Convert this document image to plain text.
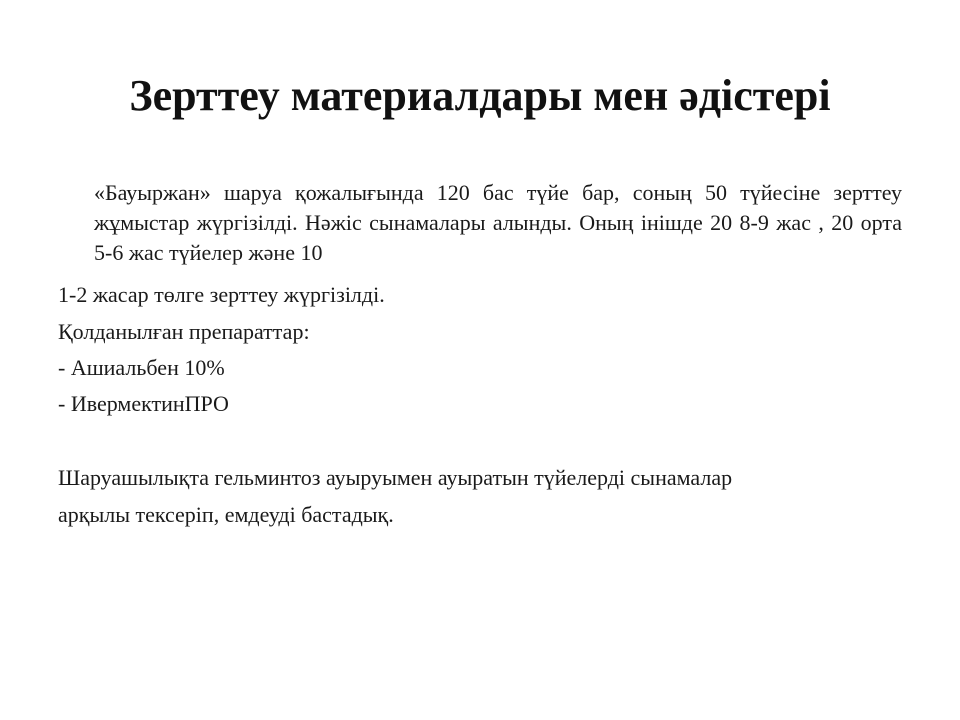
Зерттеу материалдары мен әдістері

«Бауыржан» шаруа қожалығында 120 бас түйе бар, соның 50 түйесіне зерттеу жұмыстар жүргізілді. Нәжіс сынамалары алынды. Оның інішде 20 8-9 жас , 20 орта 5-6 жас түйелер және 10

1-2 жасар төлге зерттеу жүргізілді.

Қолданылған препараттар:

- Ашиальбен 10%

- ИвермектинПРО

Шаруашылықта гельминтоз ауыруымен ауыратын түйелерді сынамалар

арқылы тексеріп, емдеуді бастадық.
